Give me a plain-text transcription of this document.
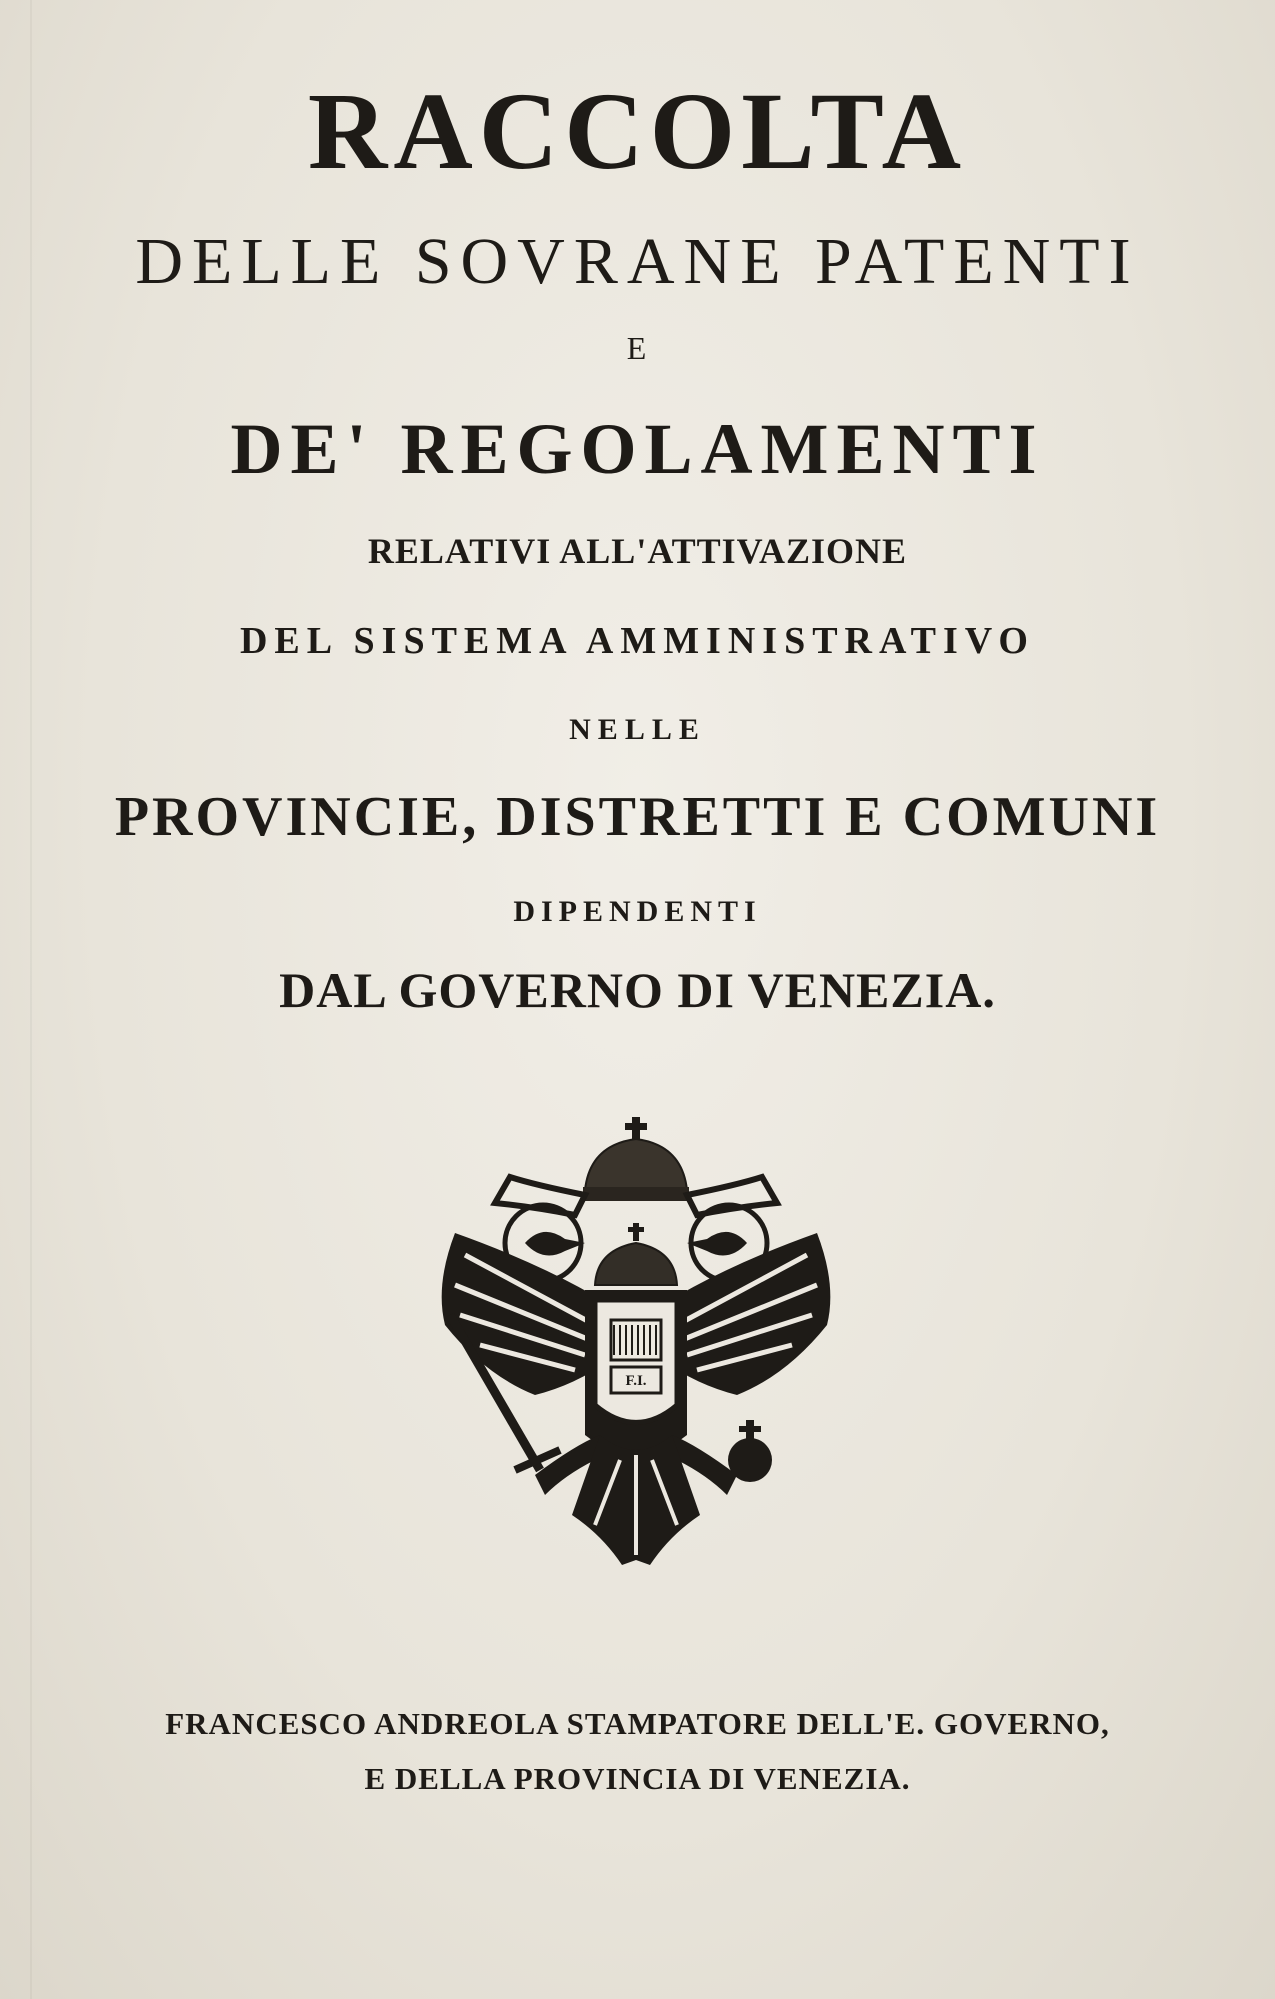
RACCOLTA
DELLE SOVRANE PATENTI
E
DE' REGOLAMENTI
RELATIVI ALL'ATTIVAZIONE
DEL SISTEMA AMMINISTRATIVO
NELLE
PROVINCIE, DISTRETTI E COMUNI
DIPENDENTI
DAL GOVERNO DI VENEZIA.
F.I.
FRANCESCO ANDREOLA STAMPATORE DELL'E. GOVERNO,
E DELLA PROVINCIA DI VENEZIA.
